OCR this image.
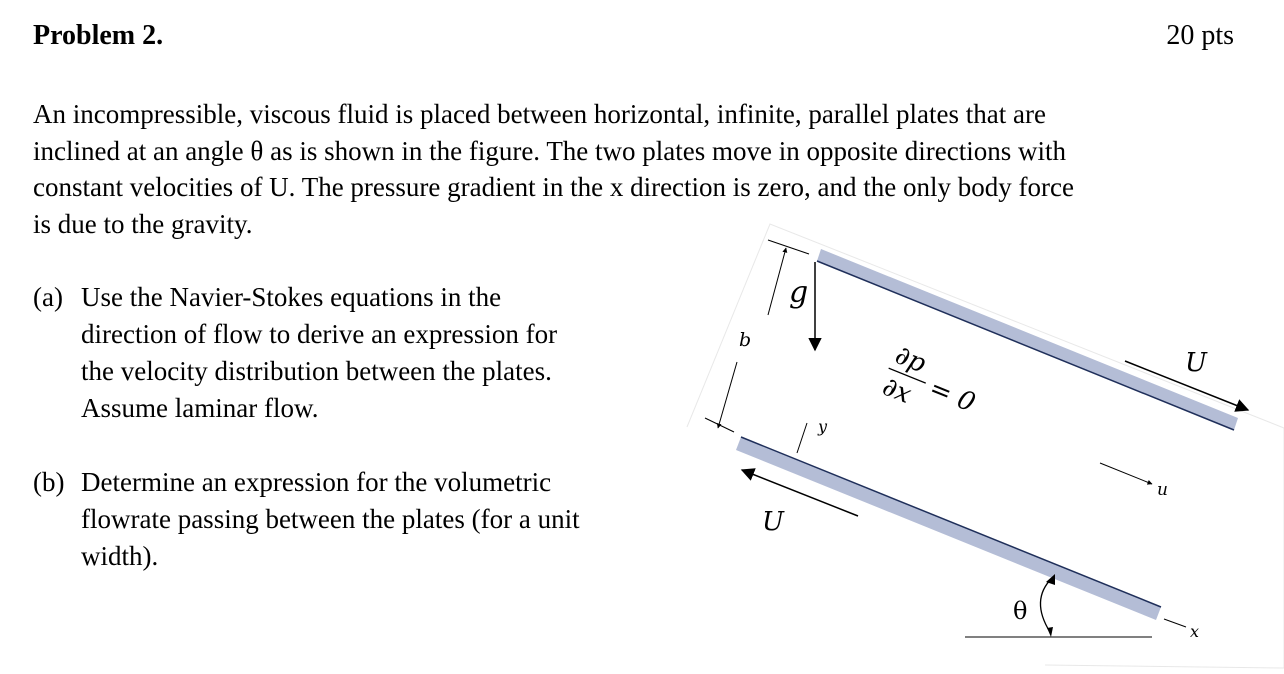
Problem 2.	20 pts
An incompressible, viscous fluid is placed between horizontal, infinite, parallel plates that are
inclined at an angle θ as is shown in the figure. The two plates move in opposite directions with
constant velocities of U. The pressure gradient in the x direction is zero, and the only body force
is due to the gravity.
(a) Use the Navier-Stokes equations in the
direction of flow to derive an expression for
the velocity distribution between the plates.
Assume laminar flow.
(b) Determine an expression for the volumetric
flowrate passing between the plates (for a unit
width).
g
b
U
U
∂p
∂x = 0
y
u
x
θ
